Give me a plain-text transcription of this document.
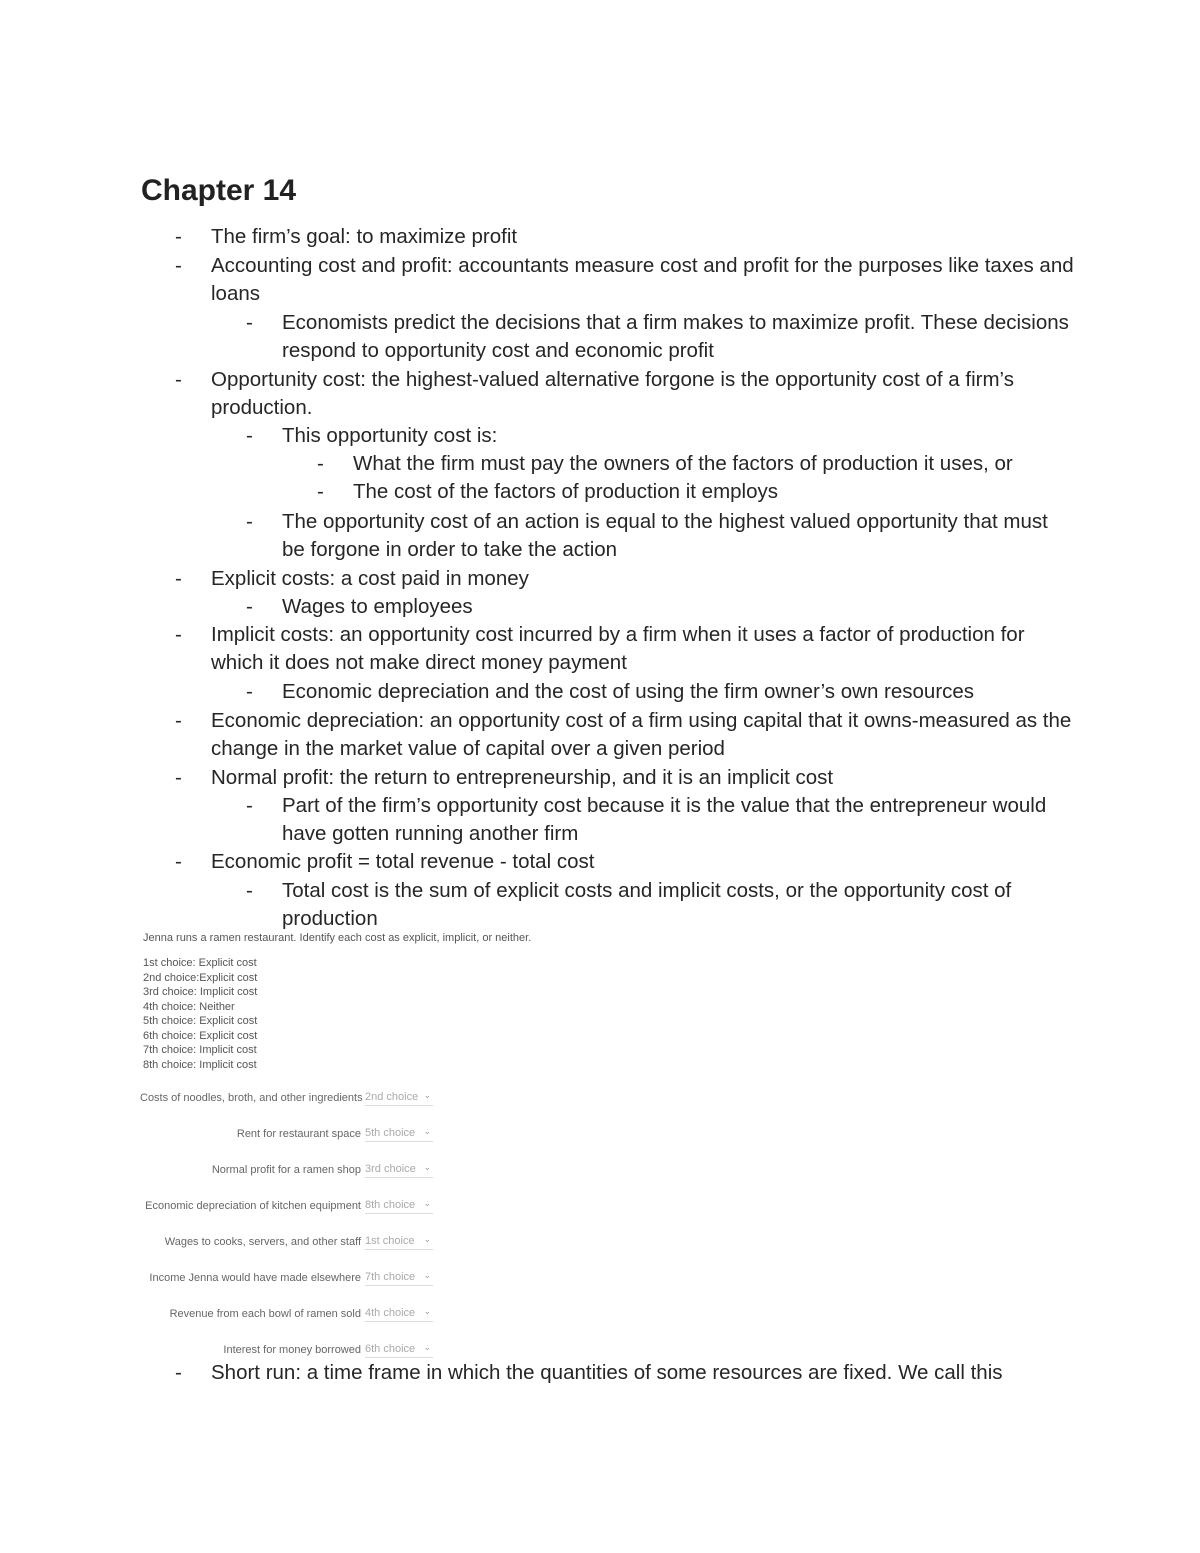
Chapter 14
-	The firm’s goal: to maximize profit
-	Accounting cost and profit: accountants measure cost and profit for the purposes like taxes and loans
-	Economists predict the decisions that a firm makes to maximize profit. These decisions respond to opportunity cost and economic profit
-	Opportunity cost: the highest-valued alternative forgone is the opportunity cost of a firm’s production.
-	This opportunity cost is:
-	What the firm must pay the owners of the factors of production it uses, or
-	The cost of the factors of production it employs
-	The opportunity cost of an action is equal to the highest valued opportunity that must be forgone in order to take the action
-	Explicit costs: a cost paid in money
-	Wages to employees
-	Implicit costs: an opportunity cost incurred by a firm when it uses a factor of production for which it does not make direct money payment
-	Economic depreciation and the cost of using the firm owner’s own resources
-	Economic depreciation: an opportunity cost of a firm using capital that it owns-measured as the change in the market value of capital over a given period
-	Normal profit: the return to entrepreneurship, and it is an implicit cost
-	Part of the firm’s opportunity cost because it is the value that the entrepreneur would have gotten running another firm
-	Economic profit = total revenue - total cost
-	Total cost is the sum of explicit costs and implicit costs, or the opportunity cost of production
Jenna runs a ramen restaurant. Identify each cost as explicit, implicit, or neither.
1st choice: Explicit cost
2nd choice:Explicit cost
3rd choice: Implicit cost
4th choice: Neither
5th choice: Explicit cost
6th choice: Explicit cost
7th choice: Implicit cost
8th choice: Implicit cost
Costs of noodles, broth, and other ingredients 2nd choice ⌄
Rent for restaurant space 5th choice ⌄
Normal profit for a ramen shop 3rd choice ⌄
Economic depreciation of kitchen equipment 8th choice ⌄
Wages to cooks, servers, and other staff 1st choice ⌄
Income Jenna would have made elsewhere 7th choice ⌄
Revenue from each bowl of ramen sold 4th choice ⌄
Interest for money borrowed 6th choice ⌄
-	Short run: a time frame in which the quantities of some resources are fixed. We call this
